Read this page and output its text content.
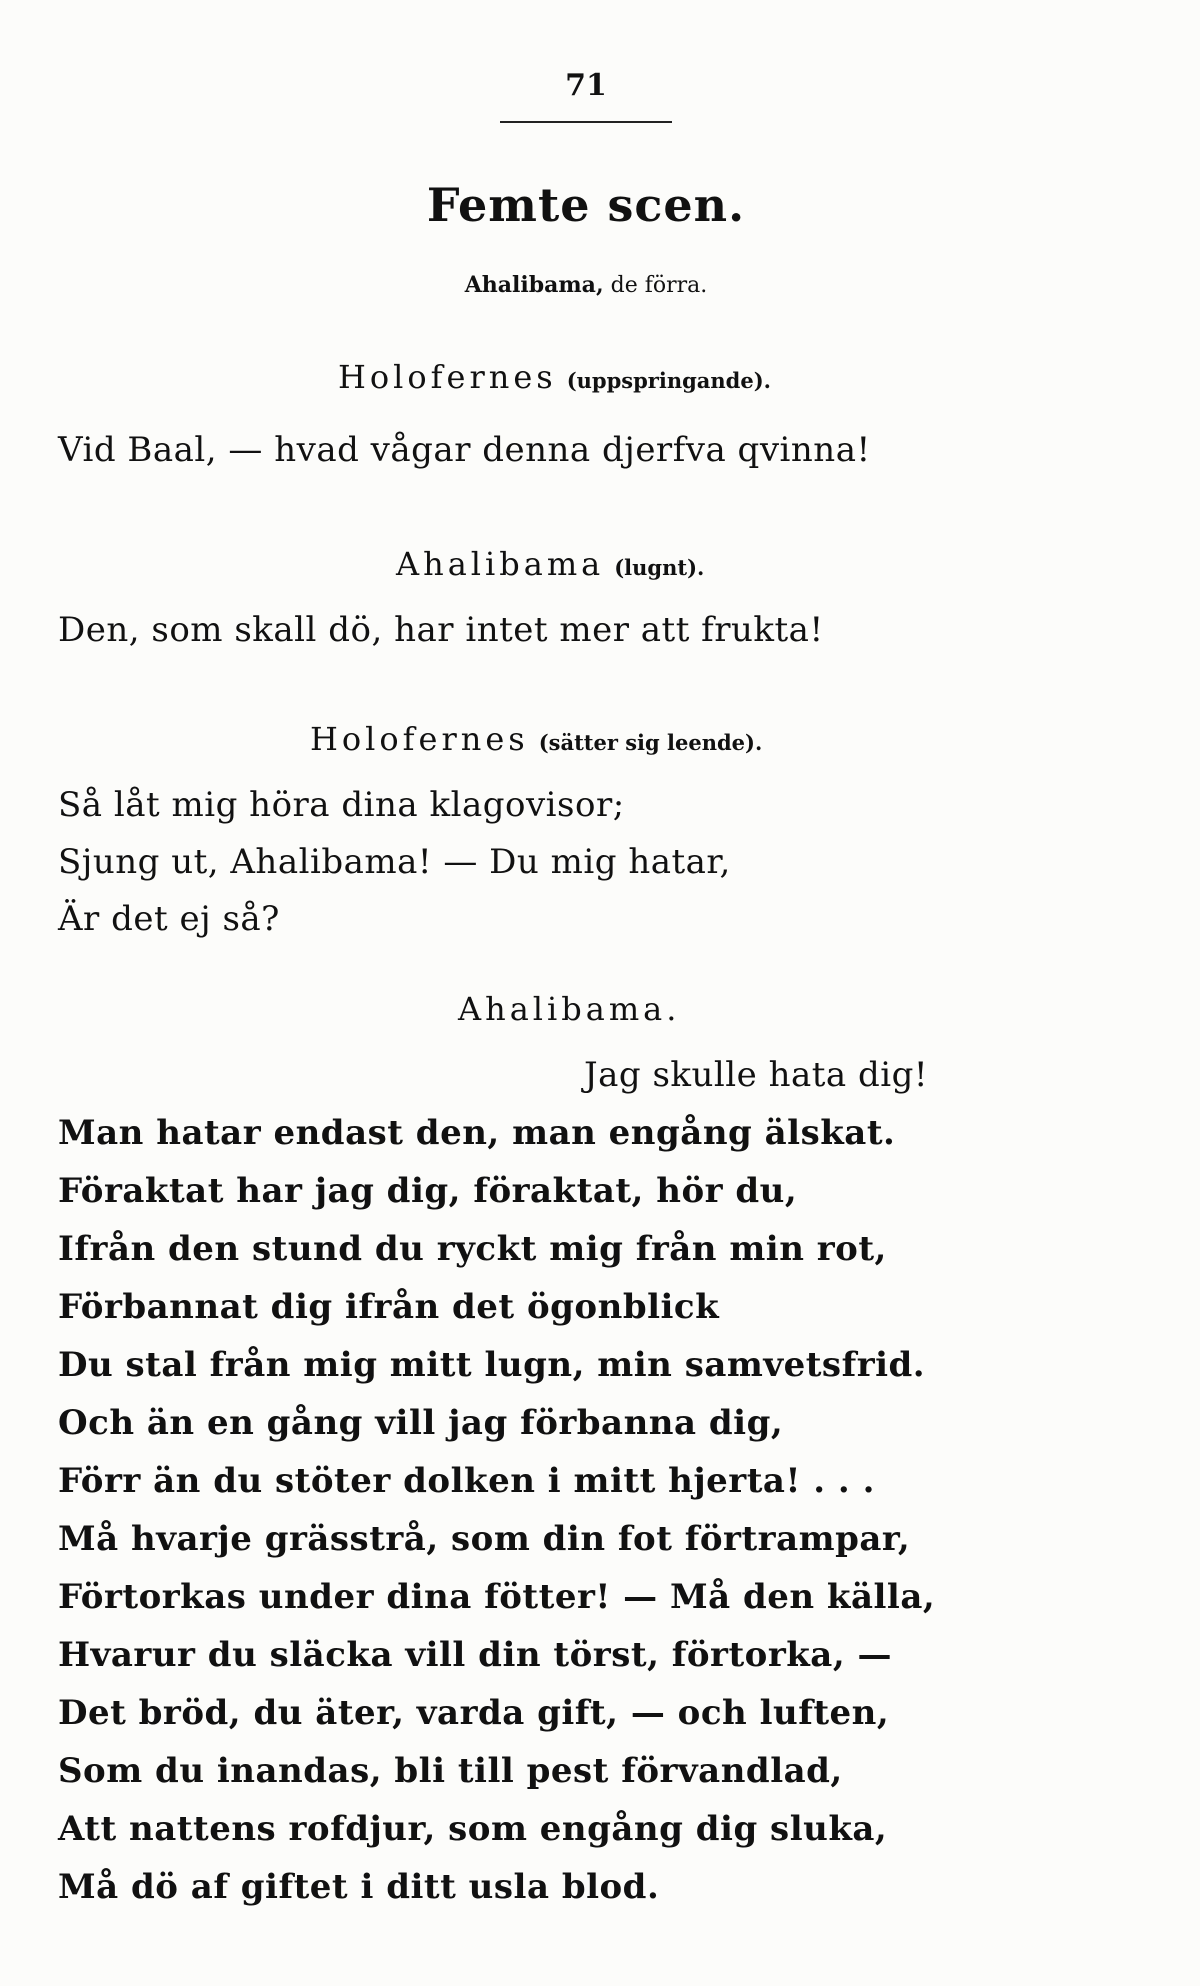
71
Femte scen.
Ahalibama, de förra.
Holofernes (uppspringande).
Vid Baal, — hvad vågar denna djerfva qvinna!
Ahalibama (lugnt).
Den, som skall dö, har intet mer att frukta!
Holofernes (sätter sig leende).
Så låt mig höra dina klagovisor;
Sjung ut, Ahalibama! — Du mig hatar,
Är det ej så?
Ahalibama.
Jag skulle hata dig!
Man hatar endast den, man engång älskat.
Föraktat har jag dig, föraktat, hör du,
Ifrån den stund du ryckt mig från min rot,
Förbannat dig ifrån det ögonblick
Du stal från mig mitt lugn, min samvetsfrid.
Och än en gång vill jag förbanna dig,
Förr än du stöter dolken i mitt hjerta! . . .
Må hvarje grässtrå, som din fot förtrampar,
Förtorkas under dina fötter! — Må den källa,
Hvarur du släcka vill din törst, förtorka, —
Det bröd, du äter, varda gift, — och luften,
Som du inandas, bli till pest förvandlad,
Att nattens rofdjur, som engång dig sluka,
Må dö af giftet i ditt usla blod.
